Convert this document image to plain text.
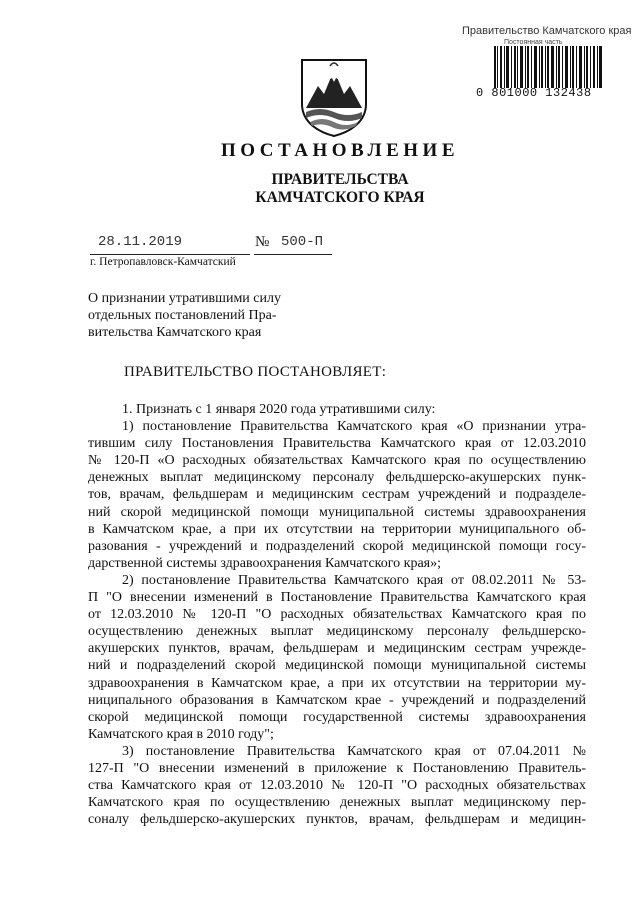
Правительство Камчатского края
Постоянная часть
0 801000 132438
ПОСТАНОВЛЕНИЕ
ПРАВИТЕЛЬСТВА
КАМЧАТСКОГО КРАЯ
28.11.2019	№ 500-П
г. Петропавловск-Камчатский
О признании утратившими силу
отдельных постановлений Пра-
вительства Камчатского края
ПРАВИТЕЛЬСТВО ПОСТАНОВЛЯЕТ:
1. Признать с 1 января 2020 года утратившими силу:
1) постановление Правительства Камчатского края «О признании утра-
тившим силу Постановления Правительства Камчатского края от 12.03.2010
№ 120-П «О расходных обязательствах Камчатского края по осуществлению
денежных выплат медицинскому персоналу фельдшерско-акушерских пунк-
тов, врачам, фельдшерам и медицинским сестрам учреждений и подразделе-
ний скорой медицинской помощи муниципальной системы здравоохранения
в Камчатском крае, а при их отсутствии на территории муниципального об-
разования - учреждений и подразделений скорой медицинской помощи госу-
дарственной системы здравоохранения Камчатского края»;
2) постановление Правительства Камчатского края от 08.02.2011 № 53-
П "О внесении изменений в Постановление Правительства Камчатского края
от 12.03.2010 № 120-П "О расходных обязательствах Камчатского края по
осуществлению денежных выплат медицинскому персоналу фельдшерско-
акушерских пунктов, врачам, фельдшерам и медицинским сестрам учрежде-
ний и подразделений скорой медицинской помощи муниципальной системы
здравоохранения в Камчатском крае, а при их отсутствии на территории му-
ниципального образования в Камчатском крае - учреждений и подразделений
скорой медицинской помощи государственной системы здравоохранения
Камчатского края в 2010 году";
3) постановление Правительства Камчатского края от 07.04.2011 №
127-П "О внесении изменений в приложение к Постановлению Правитель-
ства Камчатского края от 12.03.2010 № 120-П "О расходных обязательствах
Камчатского края по осуществлению денежных выплат медицинскому пер-
соналу фельдшерско-акушерских пунктов, врачам, фельдшерам и медицин-
